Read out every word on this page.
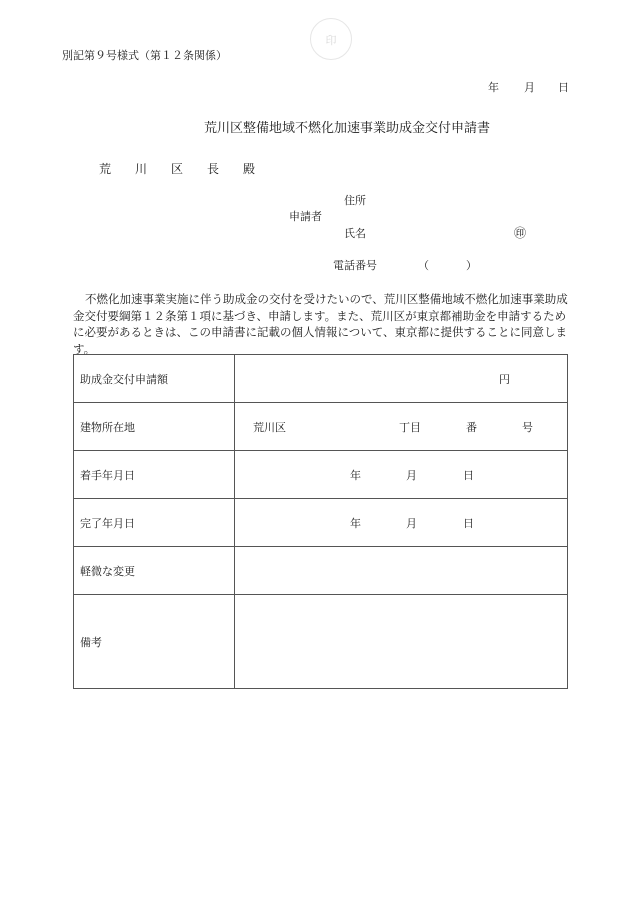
印
別記第９号様式（第１２条関係）
年 月 日
荒川区整備地域不燃化加速事業助成金交付申請書
荒　川　区　長　殿
住所
申請者
氏名	㊞
電話番号	（	）
不燃化加速事業実施に伴う助成金の交付を受けたいので、荒川区整備地域不燃化加速事業助成金交付要綱第１２条第１項に基づき、申請します。また、荒川区が東京都補助金を申請するために必要があるときは、この申請書に記載の個人情報について、東京都に提供することに同意します。
助成金交付申請額	円

建物所在地	荒川区 丁目 番 号

着手年月日	年 月 日

完了年月日	年 月 日

軽微な変更	
備考	
